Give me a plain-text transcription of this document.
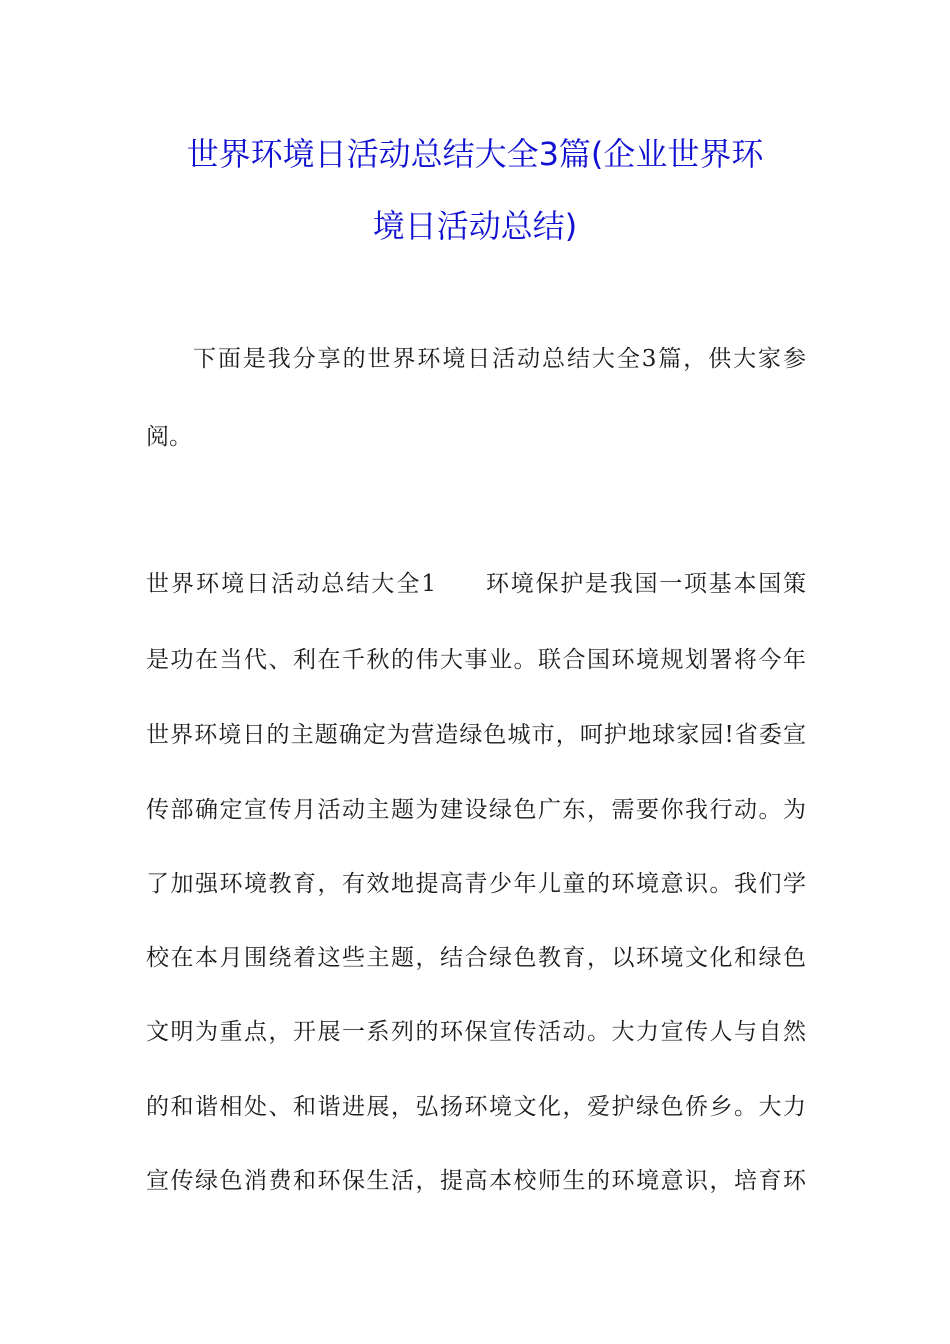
世界环境日活动总结大全3篇(企业世界环
境日活动总结)

下面是我分享的世界环境日活动总结大全3篇，供大家参

阅。

世界环境日活动总结大全1 环境保护是我国一项基本国策

是功在当代、利在千秋的伟大事业。联合国环境规划署将今年

世界环境日的主题确定为营造绿色城市，呵护地球家园!省委宣

传部确定宣传月活动主题为建设绿色广东，需要你我行动。为

了加强环境教育，有效地提高青少年儿童的环境意识。我们学

校在本月围绕着这些主题，结合绿色教育，以环境文化和绿色

文明为重点，开展一系列的环保宣传活动。大力宣传人与自然

的和谐相处、和谐进展，弘扬环境文化，爱护绿色侨乡。大力

宣传绿色消费和环保生活，提高本校师生的环境意识，培育环
